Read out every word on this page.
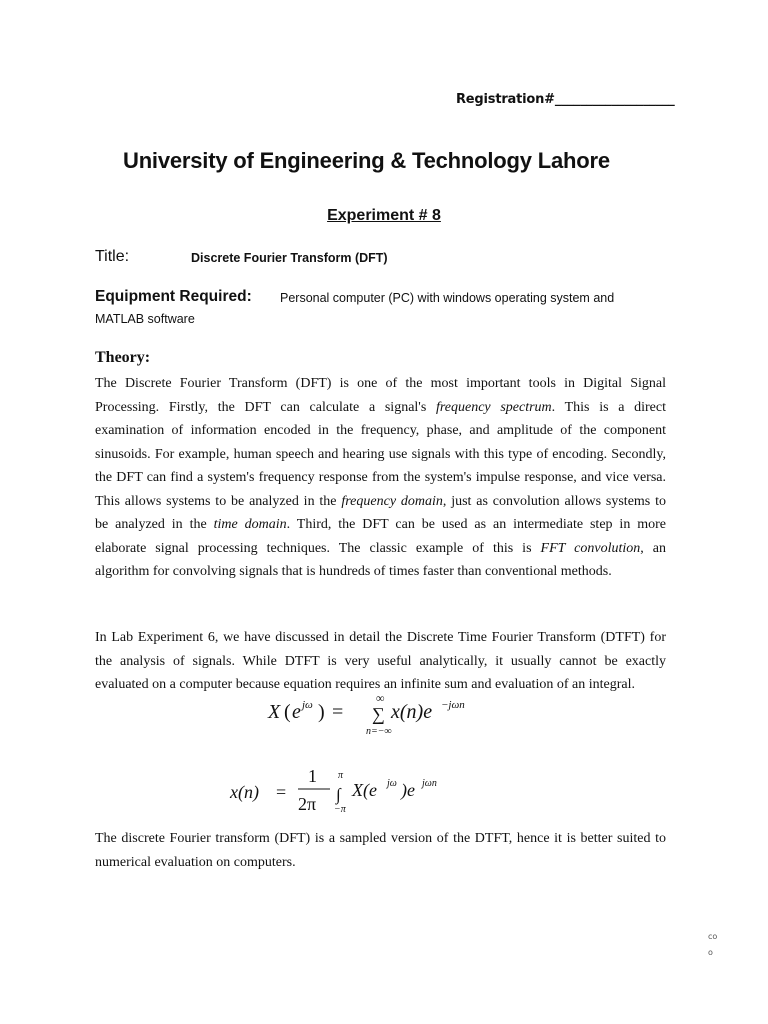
Registration#___________________
University of Engineering & Technology Lahore
Experiment # 8
Title:	Discrete Fourier Transform (DFT)
Equipment Required: Personal computer (PC) with windows operating system and
MATLAB software
Theory:
The Discrete Fourier Transform (DFT) is one of the most important tools in Digital Signal
Processing. Firstly, the DFT can calculate a signal's frequency spectrum. This is a direct
examination of information encoded in the frequency, phase, and amplitude of the component
sinusoids. For example, human speech and hearing use signals with this type of encoding. Secondly,
the DFT can find a system's frequency response from the system's impulse response, and vice versa.
This allows systems to be analyzed in the frequency domain, just as convolution allows systems to
be analyzed in the time domain. Third, the DFT can be used as an intermediate step in more
elaborate signal processing techniques. The classic example of this is FFT convolution, an
algorithm for convolving signals that is hundreds of times faster than conventional methods.
In Lab Experiment 6, we have discussed in detail the Discrete Time Fourier Transform (DTFT) for
the analysis of signals. While DTFT is very useful analytically, it usually cannot be exactly
evaluated on a computer because equation requires an infinite sum and evaluation of an integral.
X ( e jω ) =
∞
∑
n=−∞
x(n)e −jωn
x(n) =
1
2π
π
∫
−π
X(e jω )e jωn
The discrete Fourier transform (DFT) is a sampled version of the DTFT, hence it is better suited to
numerical evaluation on computers.
co
o
